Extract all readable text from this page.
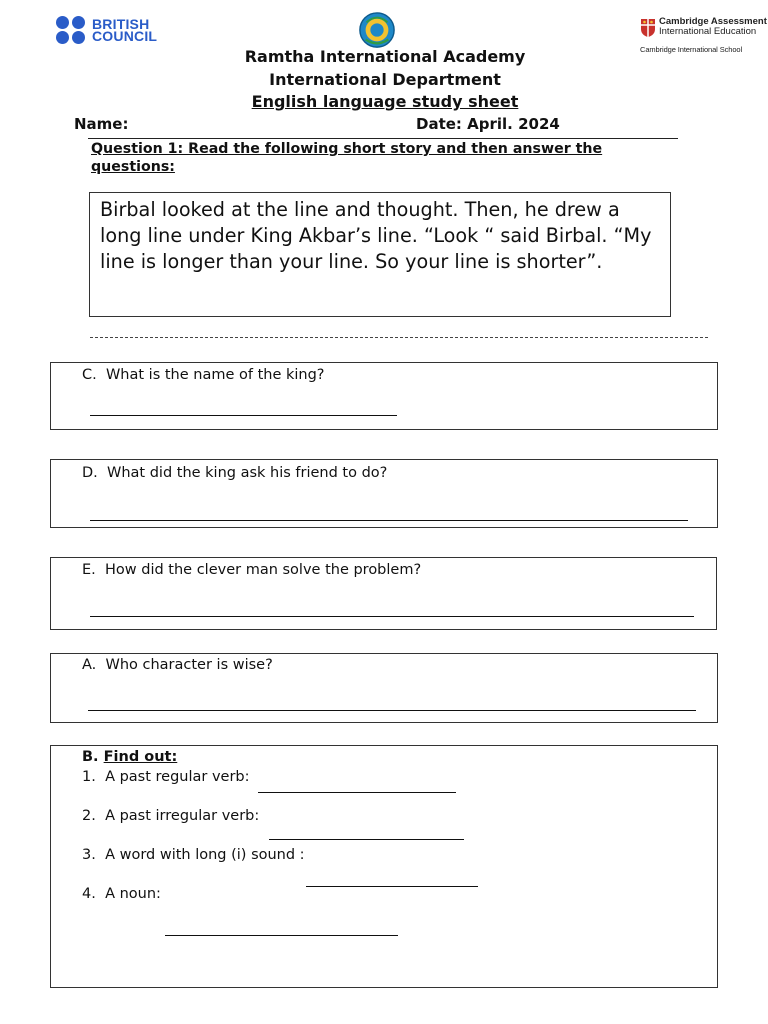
BRITISH
COUNCIL
Cambridge Assessment
International Education
Cambridge International School
Ramtha International Academy
International Department
English language study sheet
Name:	Date: April. 2024
Question 1: Read the following short story and then answer the questions:
Birbal looked at the line and thought. Then, he drew a long line under King Akbar’s line. “Look “ said Birbal. “My line is longer than your line. So your line is shorter”.
C. What is the name of the king?
D. What did the king ask his friend to do?
E. How did the clever man solve the problem?
A. Who character is wise?
B. Find out:
1. A past regular verb:
2. A past irregular verb:
3. A word with long (i) sound :
4. A noun:
